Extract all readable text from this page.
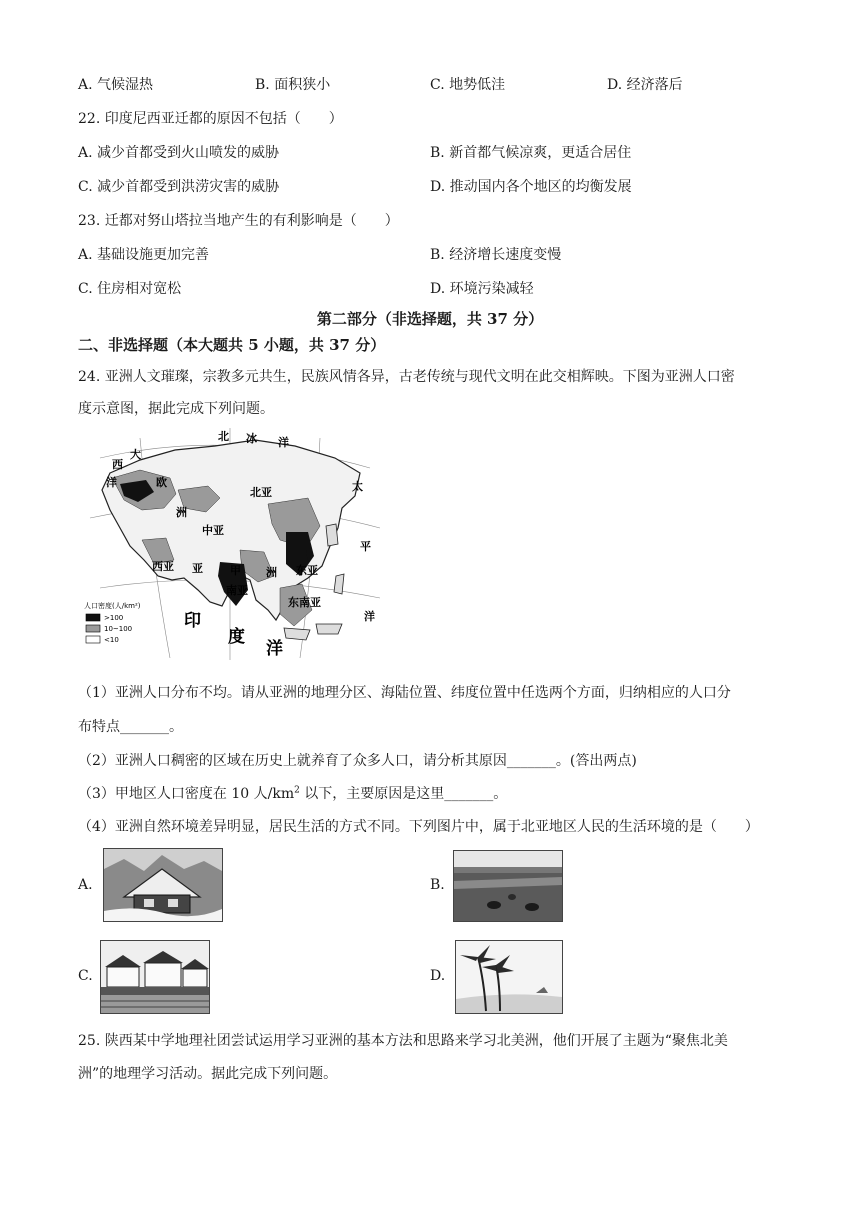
A. 气候湿热	B. 面积狭小	C. 地势低洼	D. 经济落后
22. 印度尼西亚迁都的原因不包括（　　）
A. 减少首都受到火山喷发的威胁	B. 新首都气候凉爽，更适合居住
C. 减少首都受到洪涝灾害的威胁	D. 推动国内各个地区的均衡发展
23. 迁都对努山塔拉当地产生的有利影响是（　　）
A. 基础设施更加完善	B. 经济增长速度变慢
C. 住房相对宽松	D. 环境污染减轻
第二部分（非选择题，共 37 分）
二、非选择题（本大题共 5 小题，共 37 分）
24. 亚洲人文璀璨，宗教多元共生，民族风情各异，古老传统与现代文明在此交相辉映。下图为亚洲人口密
度示意图，据此完成下列问题。
北 冰 洋
大
西
洋	欧
洲
北亚
中亚
西亚 亚 甲 洲 东亚
南亚
东南亚
太
平
洋
印
度
洋
人口密度(人/km²)
>100
10~100
<10
（1）亚洲人口分布不均。请从亚洲的地理分区、海陆位置、纬度位置中任选两个方面，归纳相应的人口分
布特点_______。
（2）亚洲人口稠密的区域在历史上就养育了众多人口，请分析其原因_______。(答出两点)
（3）甲地区人口密度在 10 人$/km^2$ 以下，主要原因是这里_______。
（4）亚洲自然环境差异明显，居民生活的方式不同。下列图片中，属于北亚地区人民的生活环境的是（　　）
A.	B.
C.	D.
25. 陕西某中学地理社团尝试运用学习亚洲的基本方法和思路来学习北美洲，他们开展了主题为“聚焦北美
洲”的地理学习活动。据此完成下列问题。
